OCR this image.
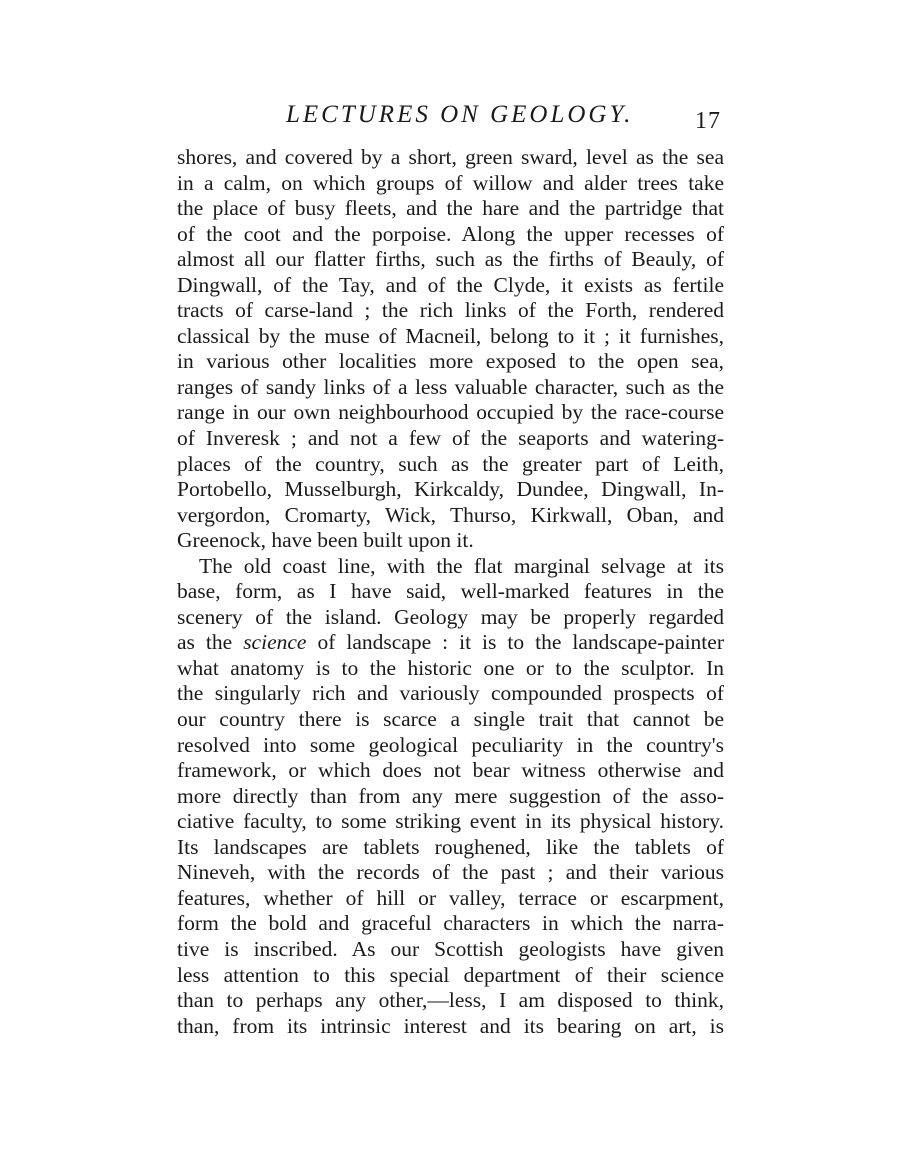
LECTURES ON GEOLOGY.	17
shores, and covered by a short, green sward, level as the sea
in a calm, on which groups of willow and alder trees take
the place of busy fleets, and the hare and the partridge that
of the coot and the porpoise. Along the upper recesses of
almost all our flatter firths, such as the firths of Beauly, of
Dingwall, of the Tay, and of the Clyde, it exists as fertile
tracts of carse-land ; the rich links of the Forth, rendered
classical by the muse of Macneil, belong to it ; it furnishes,
in various other localities more exposed to the open sea,
ranges of sandy links of a less valuable character, such as the
range in our own neighbourhood occupied by the race-course
of Inveresk ; and not a few of the seaports and watering-
places of the country, such as the greater part of Leith,
Portobello, Musselburgh, Kirkcaldy, Dundee, Dingwall, In-
vergordon, Cromarty, Wick, Thurso, Kirkwall, Oban, and
Greenock, have been built upon it.
The old coast line, with the flat marginal selvage at its
base, form, as I have said, well-marked features in the
scenery of the island. Geology may be properly regarded
as the science of landscape : it is to the landscape-painter
what anatomy is to the historic one or to the sculptor. In
the singularly rich and variously compounded prospects of
our country there is scarce a single trait that cannot be
resolved into some geological peculiarity in the country's
framework, or which does not bear witness otherwise and
more directly than from any mere suggestion of the asso-
ciative faculty, to some striking event in its physical history.
Its landscapes are tablets roughened, like the tablets of
Nineveh, with the records of the past ; and their various
features, whether of hill or valley, terrace or escarpment,
form the bold and graceful characters in which the narra-
tive is inscribed. As our Scottish geologists have given
less attention to this special department of their science
than to perhaps any other,—less, I am disposed to think,
than, from its intrinsic interest and its bearing on art, is
